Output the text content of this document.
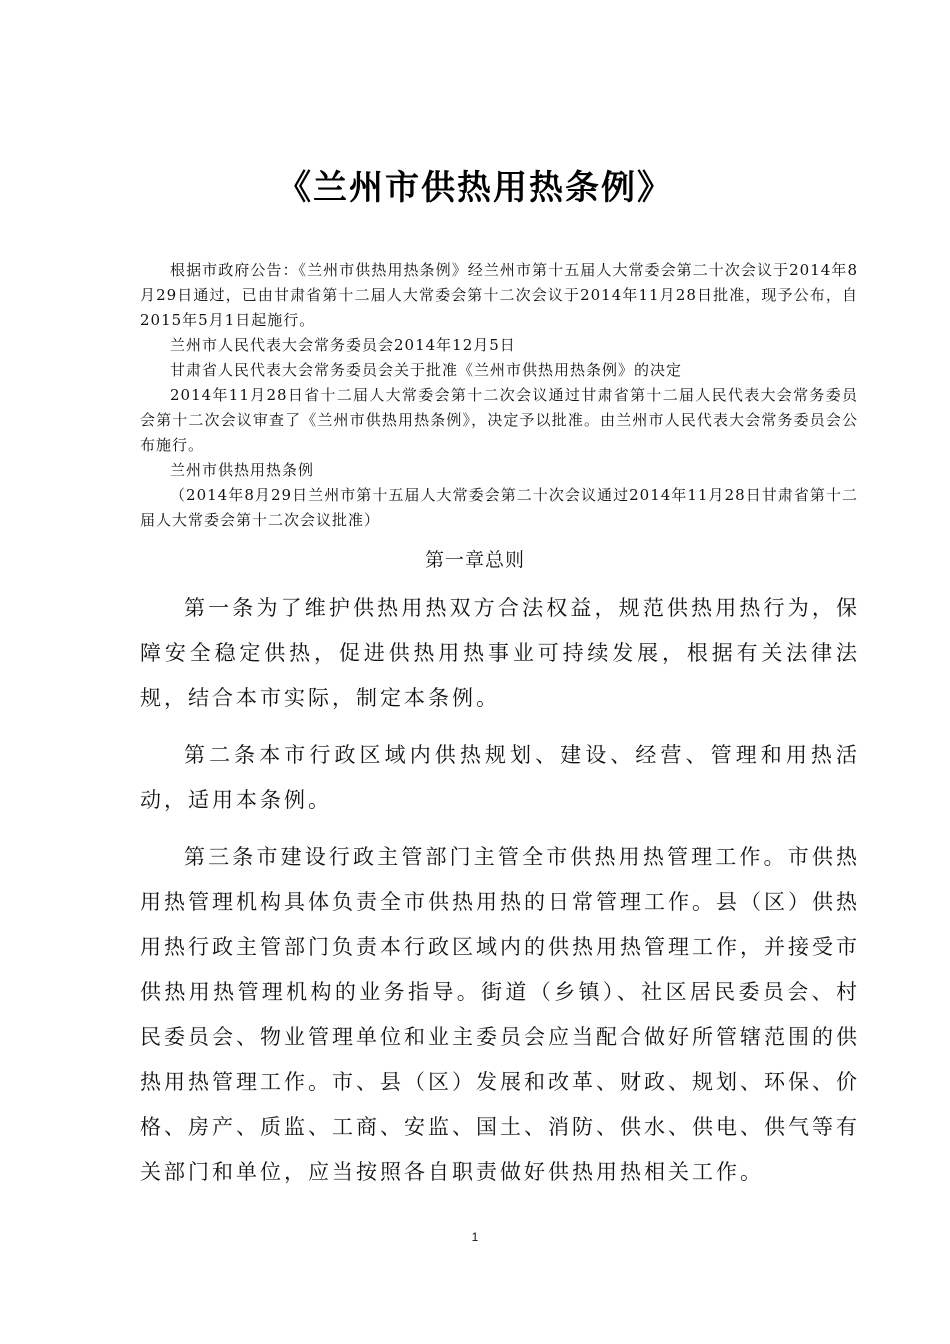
《兰州市供热用热条例》

根据市政府公告：《兰州市供热用热条例》经兰州市第十五届人大常委会第二十次会议于2014年8月29日通过，已由甘肃省第十二届人大常委会第十二次会议于2014年11月28日批准，现予公布，自2015年5月1日起施行。

兰州市人民代表大会常务委员会2014年12月5日

甘肃省人民代表大会常务委员会关于批准《兰州市供热用热条例》的决定

2014年11月28日省十二届人大常委会第十二次会议通过甘肃省第十二届人民代表大会常务委员会第十二次会议审查了《兰州市供热用热条例》，决定予以批准。由兰州市人民代表大会常务委员会公布施行。

兰州市供热用热条例

（2014年8月29日兰州市第十五届人大常委会第二十次会议通过2014年11月28日甘肃省第十二届人大常委会第十二次会议批准）

第一章总则

第一条为了维护供热用热双方合法权益，规范供热用热行为，保障安全稳定供热，促进供热用热事业可持续发展，根据有关法律法规，结合本市实际，制定本条例。

第二条本市行政区域内供热规划、建设、经营、管理和用热活动，适用本条例。

第三条市建设行政主管部门主管全市供热用热管理工作。市供热用热管理机构具体负责全市供热用热的日常管理工作。县（区）供热用热行政主管部门负责本行政区域内的供热用热管理工作，并接受市供热用热管理机构的业务指导。街道（乡镇）、社区居民委员会、村民委员会、物业管理单位和业主委员会应当配合做好所管辖范围的供热用热管理工作。市、县（区）发展和改革、财政、规划、环保、价格、房产、质监、工商、安监、国土、消防、供水、供电、供气等有关部门和单位，应当按照各自职责做好供热用热相关工作。

1
